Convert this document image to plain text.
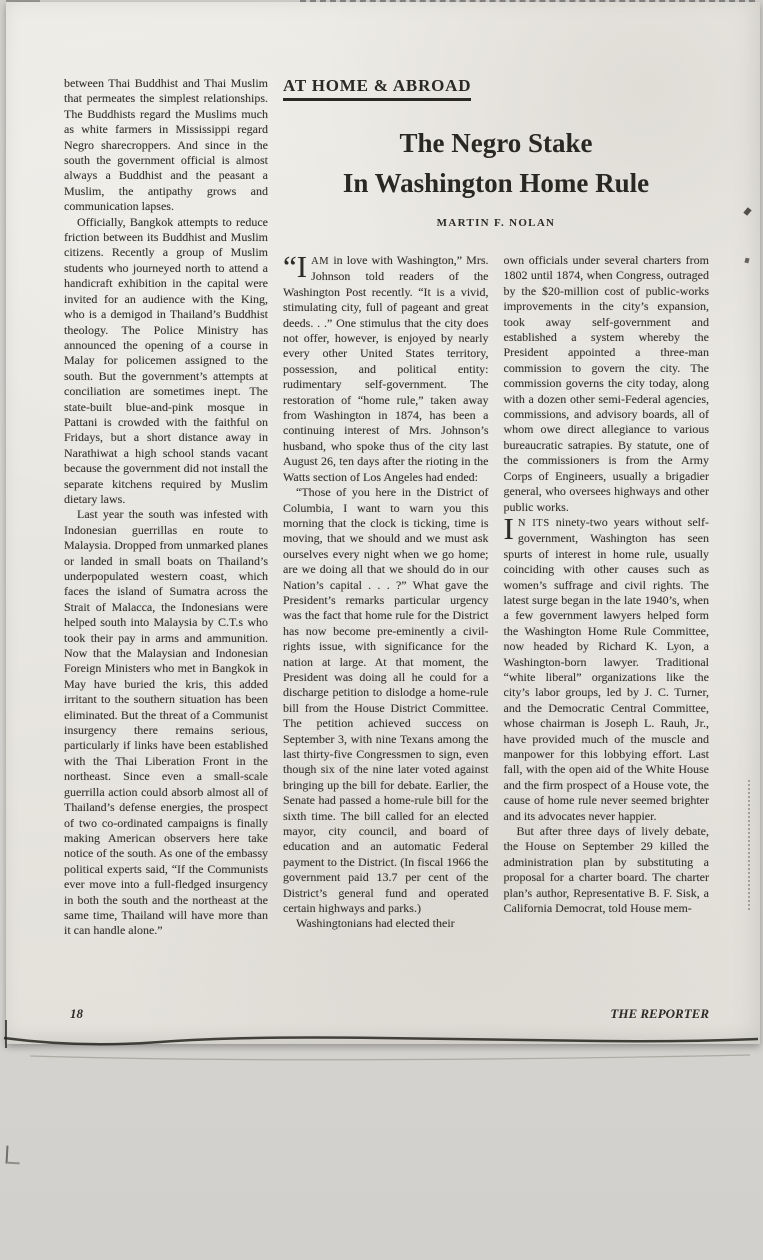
between Thai Buddhist and Thai Muslim that permeates the simplest relationships. The Buddhists regard the Muslims much as white farmers in Mississippi regard Negro sharecroppers. And since in the south the government official is almost always a Buddhist and the peasant a Muslim, the antipathy grows and communication lapses.

Officially, Bangkok attempts to reduce friction between its Buddhist and Muslim citizens. Recently a group of Muslim students who journeyed north to attend a handicraft exhibition in the capital were invited for an audience with the King, who is a demigod in Thailand’s Buddhist theology. The Police Ministry has announced the opening of a course in Malay for policemen assigned to the south. But the government’s attempts at conciliation are sometimes inept. The state-built blue-and-pink mosque in Pattani is crowded with the faithful on Fridays, but a short distance away in Narathiwat a high school stands vacant because the government did not install the separate kitchens required by Muslim dietary laws.

Last year the south was infested with Indonesian guerrillas en route to Malaysia. Dropped from unmarked planes or landed in small boats on Thailand’s underpopulated western coast, which faces the island of Sumatra across the Strait of Malacca, the Indonesians were helped south into Malaysia by C.T.s who took their pay in arms and ammunition. Now that the Malaysian and Indonesian Foreign Ministers who met in Bangkok in May have buried the kris, this added irritant to the southern situation has been eliminated. But the threat of a Communist insurgency there remains serious, particularly if links have been established with the Thai Liberation Front in the northeast. Since even a small-scale guerrilla action could absorb almost all of Thailand’s defense energies, the prospect of two co-ordinated campaigns is finally making American observers here take notice of the south. As one of the embassy political experts said, “If the Communists ever move into a full-fledged insurgency in both the south and the northeast at the same time, Thailand will have more than it can handle alone.”

AT HOME & ABROAD
The Negro Stake
In Washington Home Rule
MARTIN F. NOLAN

“IAM in love with Washington,” Mrs. Johnson told readers of the Washington Post recently. “It is a vivid, stimulating city, full of pageant and great deeds. . .” One stimulus that the city does not offer, however, is enjoyed by nearly every other United States territory, possession, and political entity: rudimentary self-government. The restoration of “home rule,” taken away from Washington in 1874, has been a continuing interest of Mrs. Johnson’s husband, who spoke thus of the city last August 26, ten days after the rioting in the Watts section of Los Angeles had ended:

“Those of you here in the District of Columbia, I want to warn you this morning that the clock is ticking, time is moving, that we should and we must ask ourselves every night when we go home; are we doing all that we should do in our Nation’s capital . . . ?” What gave the President’s remarks particular urgency was the fact that home rule for the District has now become pre-eminently a civil-rights issue, with significance for the nation at large. At that moment, the President was doing all he could for a discharge petition to dislodge a home-rule bill from the House District Committee. The petition achieved success on September 3, with nine Texans among the last thirty-five Congressmen to sign, even though six of the nine later voted against bringing up the bill for debate. Earlier, the Senate had passed a home-rule bill for the sixth time. The bill called for an elected mayor, city council, and board of education and an automatic Federal payment to the District. (In fiscal 1966 the government paid 13.7 per cent of the District’s general fund and operated certain highways and parks.)

Washingtonians had elected their

own officials under several charters from 1802 until 1874, when Congress, outraged by the $20-million cost of public-works improvements in the city’s expansion, took away self-government and established a system whereby the President appointed a three-man commission to govern the city. The commission governs the city today, along with a dozen other semi-Federal agencies, commissions, and advisory boards, all of whom owe direct allegiance to various bureaucratic satrapies. By statute, one of the commissioners is from the Army Corps of Engineers, usually a brigadier general, who oversees highways and other public works.

I N ITS ninety-two years without self-government, Washington has seen spurts of interest in home rule, usually coinciding with other causes such as women’s suffrage and civil rights. The latest surge began in the late 1940’s, when a few government lawyers helped form the Washington Home Rule Committee, now headed by Richard K. Lyon, a Washington-born lawyer. Traditional “white liberal” organizations like the city’s labor groups, led by J. C. Turner, and the Democratic Central Committee, whose chairman is Joseph L. Rauh, Jr., have provided much of the muscle and manpower for this lobbying effort. Last fall, with the open aid of the White House and the firm prospect of a House vote, the cause of home rule never seemed brighter and its advocates never happier.

But after three days of lively debate, the House on September 29 killed the administration plan by substituting a proposal for a charter board. The charter plan’s author, Representative B. F. Sisk, a California Democrat, told House mem-

18	THE REPORTER
